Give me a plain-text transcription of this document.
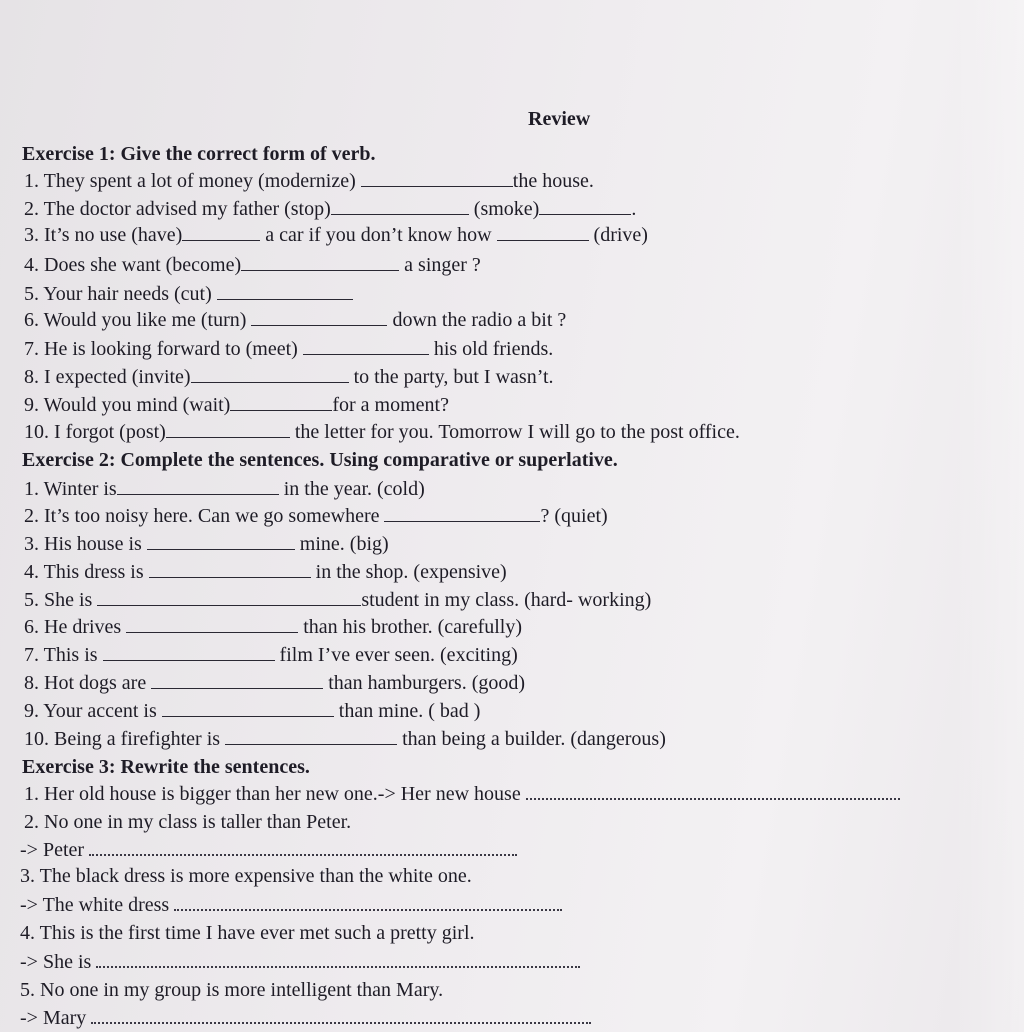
Review
Exercise 1: Give the correct form of verb.
1. They spent a lot of money (modernize)	the house.
2. The doctor advised my father (stop)	(smoke)	.
3. It’s no use (have)	a car if you don’t know how	(drive)
4. Does she want (become)	a singer ?
5. Your hair needs (cut)
6. Would you like me (turn)	down the radio a bit ?
7. He is looking forward to (meet)	his old friends.
8. I expected (invite)	to the party, but I wasn’t.
9. Would you mind (wait)	for a moment?
10. I forgot (post)	the letter for you. Tomorrow I will go to the post office.
Exercise 2: Complete the sentences. Using comparative or superlative.
1. Winter is	in the year. (cold)
2. It’s too noisy here. Can we go somewhere	? (quiet)
3. His house is	mine. (big)
4. This dress is	in the shop. (expensive)
5. She is	student in my class. (hard- working)
6. He drives	than his brother. (carefully)
7. This is	film I’ve ever seen. (exciting)
8. Hot dogs are	than hamburgers. (good)
9. Your accent is	than mine. ( bad )
10. Being a firefighter is	than being a builder. (dangerous)
Exercise 3: Rewrite the sentences.
1. Her old house is bigger than her new one.-> Her new house
2. No one in my class is taller than Peter.
-> Peter
3. The black dress is more expensive than the white one.
-> The white dress
4. This is the first time I have ever met such a pretty girl.
-> She is
5. No one in my group is more intelligent than Mary.
-> Mary
